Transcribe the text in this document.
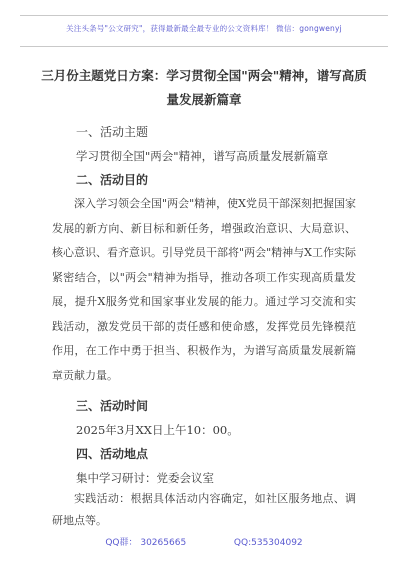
关注头条号"公文研究"，获得最新最全最专业的公文资料库！ 微信：gongwenyj
三月份主题党日方案：学习贯彻全国"两会"精神，谱写高质量发展新篇章
一、活动主题
学习贯彻全国"两会"精神，谱写高质量发展新篇章
二、活动目的
深入学习领会全国"两会"精神，使X党员干部深刻把握国家发展的新方向、新目标和新任务，增强政治意识、大局意识、核心意识、看齐意识。引导党员干部将"两会"精神与X工作实际紧密结合，以"两会"精神为指导，推动各项工作实现高质量发展，提升X服务党和国家事业发展的能力。通过学习交流和实践活动，激发党员干部的责任感和使命感，发挥党员先锋模范作用，在工作中勇于担当、积极作为，为谱写高质量发展新篇章贡献力量。
三、活动时间
2025年3月XX日上午10：00。
四、活动地点
集中学习研讨：党委会议室
实践活动：根据具体活动内容确定，如社区服务地点、调研地点等。
QQ群： 30265665	QQ:535304092
